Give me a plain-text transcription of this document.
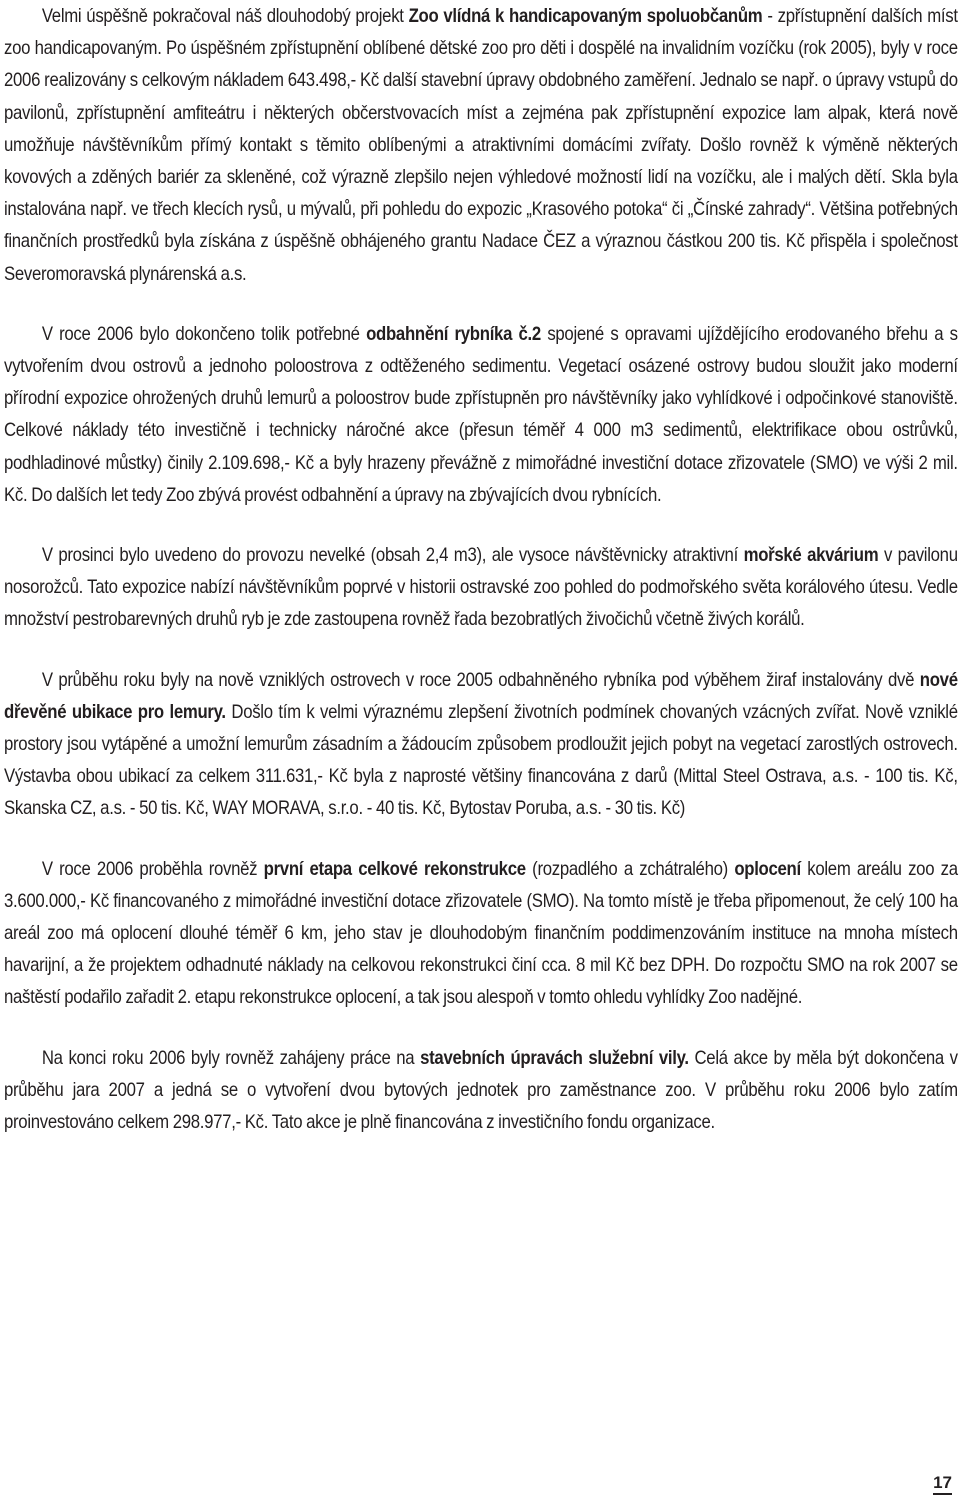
Velmi úspěšně pokračoval náš dlouhodobý projekt Zoo vlídná k handicapovaným spoluobčanům - zpřístupnění dalších míst zoo handicapovaným. Po úspěšném zpřístupnění oblíbené dětské zoo pro děti i dospělé na invalidním vozíčku (rok 2005), byly v roce 2006 realizovány s celkovým nákladem 643.498,- Kč další stavební úpravy obdobného zaměření. Jednalo se např. o úpravy vstupů do pavilonů, zpřístupnění amfiteátru i některých občerstvovacích míst a zejména pak zpřístupnění expozice lam alpak, která nově umožňuje návštěvníkům přímý kontakt s těmito oblíbenými a atraktivními domácími zvířaty. Došlo rovněž k výměně některých kovových a zděných bariér za skleněné, což výrazně zlepšilo nejen výhledové možností lidí na vozíčku, ale i malých dětí. Skla byla instalována např. ve třech klecích rysů, u mývalů, při pohledu do expozic „Krasového potoka“ či „Čínské zahrady“. Většina potřebných finančních prostředků byla získána z úspěšně obhájeného grantu Nadace ČEZ a výraznou částkou 200 tis. Kč přispěla i společnost Severomoravská plynárenská a.s.

V roce 2006 bylo dokončeno tolik potřebné odbahnění rybníka č.2 spojené s opravami ujíždějícího erodovaného břehu a s vytvořením dvou ostrovů a jednoho poloostrova z odtěženého sedimentu. Vegetací osázené ostrovy budou sloužit jako moderní přírodní expozice ohrožených druhů lemurů a poloostrov bude zpřístupněn pro návštěvníky jako vyhlídkové i odpočinkové stanoviště. Celkové náklady této investičně i technicky náročné akce (přesun téměř 4 000 m3 sedimentů, elektrifikace obou ostrůvků, podhladinové můstky) činily 2.109.698,- Kč a byly hrazeny převážně z mimořádné investiční dotace zřizovatele (SMO) ve výši 2 mil. Kč. Do dalších let tedy Zoo zbývá provést odbahnění a úpravy na zbývajících dvou rybnících.

V prosinci bylo uvedeno do provozu nevelké (obsah 2,4 m3), ale vysoce návštěvnicky atraktivní mořské akvárium v pavilonu nosorožců. Tato expozice nabízí návštěvníkům poprvé v historii ostravské zoo pohled do podmořského světa korálového útesu. Vedle množství pestrobarevných druhů ryb je zde zastoupena rovněž řada bezobratlých živočichů včetně živých korálů.

V průběhu roku byly na nově vzniklých ostrovech v roce 2005 odbahněného rybníka pod výběhem žiraf instalovány dvě nové dřevěné ubikace pro lemury. Došlo tím k velmi výraznému zlepšení životních podmínek chovaných vzácných zvířat. Nově vzniklé prostory jsou vytápěné a umožní lemurům zásadním a žádoucím způsobem prodloužit jejich pobyt na vegetací zarostlých ostrovech. Výstavba obou ubikací za celkem 311.631,- Kč byla z naprosté většiny financována z darů (Mittal Steel Ostrava, a.s. - 100 tis. Kč, Skanska CZ, a.s. - 50 tis. Kč, WAY MORAVA, s.r.o. - 40 tis. Kč, Bytostav Poruba, a.s. - 30 tis. Kč)

V roce 2006 proběhla rovněž první etapa celkové rekonstrukce (rozpadlého a zchátralého) oplocení kolem areálu zoo za 3.600.000,- Kč financovaného z mimořádné investiční dotace zřizovatele (SMO). Na tomto místě je třeba připomenout, že celý 100 ha areál zoo má oplocení dlouhé téměř 6 km, jeho stav je dlouhodobým finančním poddimenzováním instituce na mnoha místech havarijní, a že projektem odhadnuté náklady na celkovou rekonstrukci činí cca. 8 mil Kč bez DPH. Do rozpočtu SMO na rok 2007 se naštěstí podařilo zařadit 2. etapu rekonstrukce oplocení, a tak jsou alespoň v tomto ohledu vyhlídky Zoo nadějné.

Na konci roku 2006 byly rovněž zahájeny práce na stavebních úpravách služební vily. Celá akce by měla být dokončena v průběhu jara 2007 a jedná se o vytvoření dvou bytových jednotek pro zaměstnance zoo. V průběhu roku 2006 bylo zatím proinvestováno celkem 298.977,- Kč. Tato akce je plně financována z investičního fondu organizace.

17
